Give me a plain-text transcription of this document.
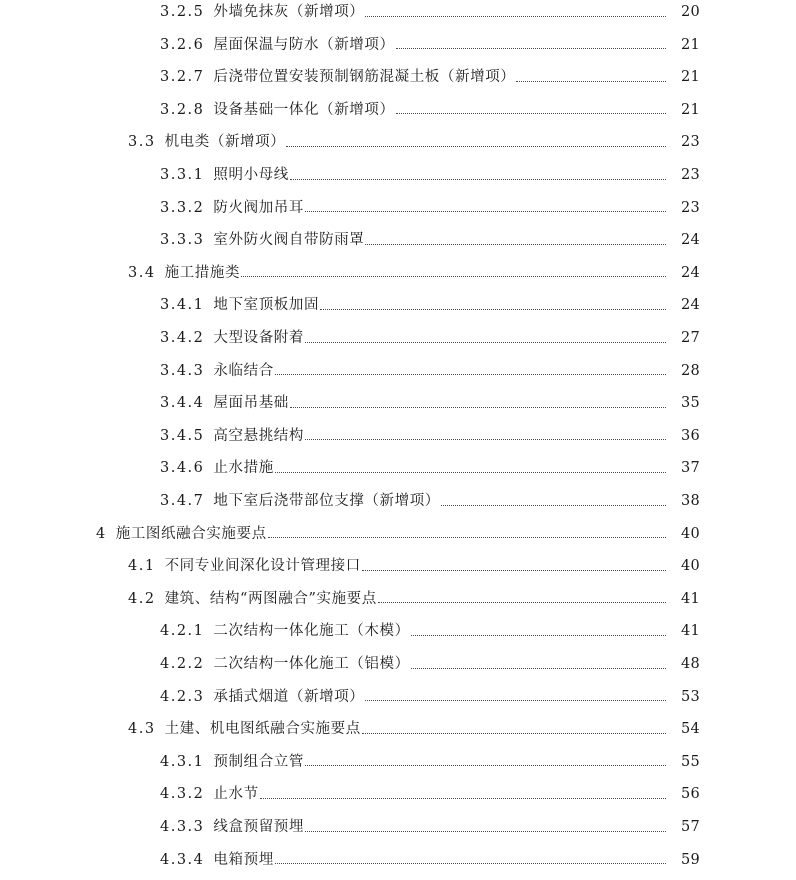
3.2.5 外墙免抹灰（新增项）	20
3.2.6 屋面保温与防水（新增项）	21
3.2.7 后浇带位置安装预制钢筋混凝土板（新增项）	21
3.2.8 设备基础一体化（新增项）	21
3.3 机电类（新增项）	23
3.3.1 照明小母线	23
3.3.2 防火阀加吊耳	23
3.3.3 室外防火阀自带防雨罩	24
3.4 施工措施类	24
3.4.1 地下室顶板加固	24
3.4.2 大型设备附着	27
3.4.3 永临结合	28
3.4.4 屋面吊基础	35
3.4.5 高空悬挑结构	36
3.4.6 止水措施	37
3.4.7 地下室后浇带部位支撑（新增项）	38
4 施工图纸融合实施要点	40
4.1 不同专业间深化设计管理接口	40
4.2 建筑、结构“两图融合”实施要点	41
4.2.1 二次结构一体化施工（木模）	41
4.2.2 二次结构一体化施工（铝模）	48
4.2.3 承插式烟道（新增项）	53
4.3 土建、机电图纸融合实施要点	54
4.3.1 预制组合立管	55
4.3.2 止水节	56
4.3.3 线盒预留预埋	57
4.3.4 电箱预埋	59
